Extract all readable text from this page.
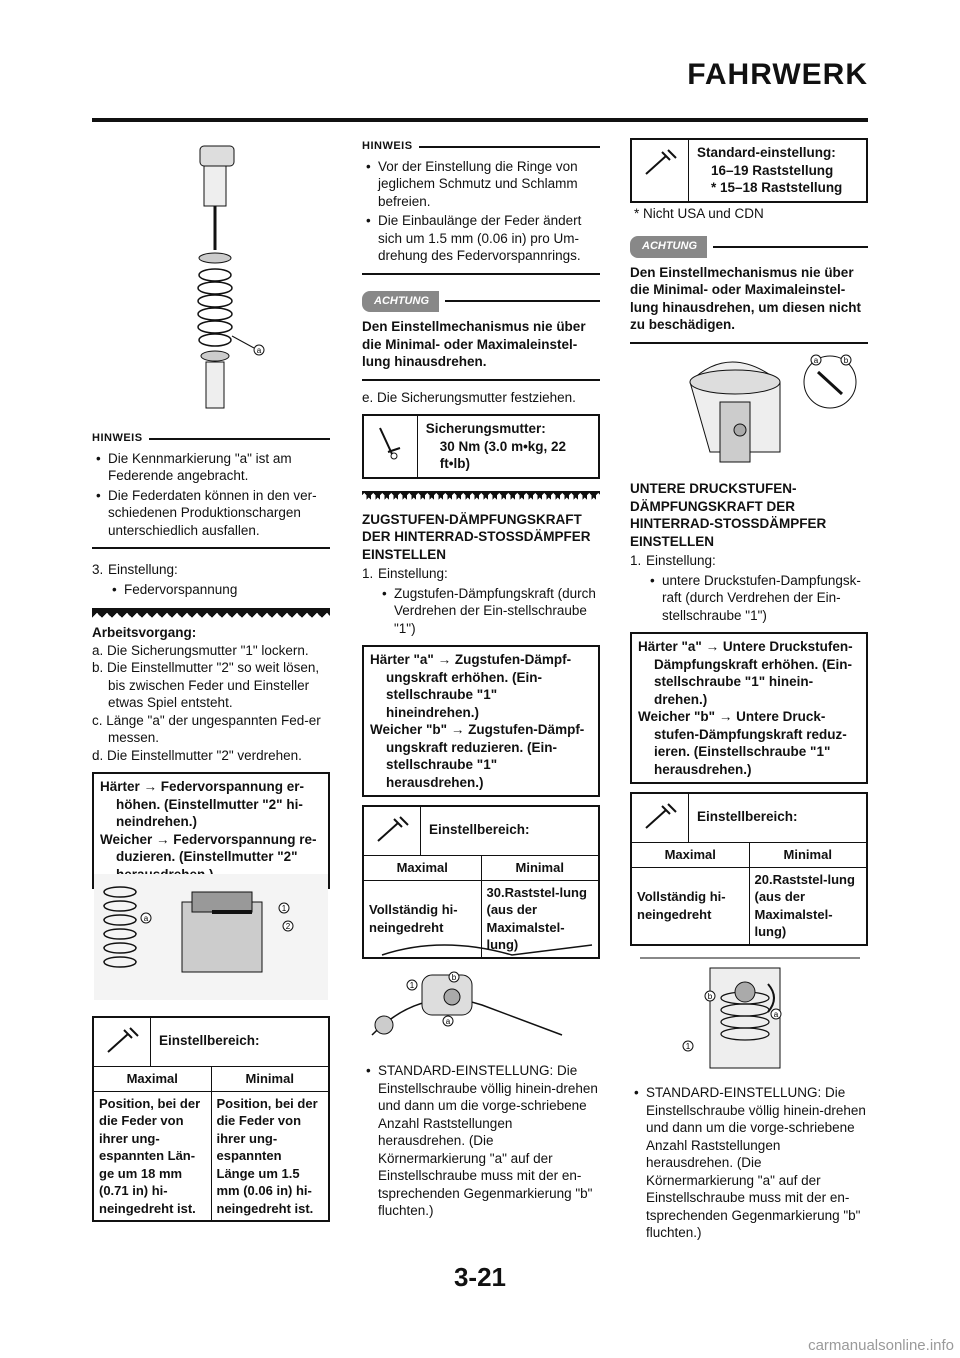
FAHRWERK
a
HINWEIS
• Die Kennmarkierung "a" ist am Federende angebracht.
• Die Federdaten können in den ver-schiedenen Produktionschargen unterschiedlich ausfallen.
3. Einstellung:
• Federvorspannung
Arbeitsvorgang:
a. Die Sicherungsmutter "1" lockern.
b. Die Einstellmutter "2" so weit lösen, bis zwischen Feder und Einsteller etwas Spiel entsteht.
c. Länge "a" der ungespannten Fed-er messen.
d. Die Einstellmutter "2" verdrehen.
Härter → Federvorspannung er-höhen. (Einstellmutter "2" hi-neindrehen.)
Weicher → Federvorspannung re-duzieren. (Einstellmutter "2"
a
1
2
Einstellbereich:
Maximal	Minimal
Position, bei der die Feder von ihrer ung-espannten Län-ge um 18 mm (0.71 in) hi-neingedreht ist.	Position, bei der die Feder von ihrer ung-espannten Länge um 1.5 mm (0.06 in) hi-neingedreht ist.
HINWEIS
• Vor der Einstellung die Ringe von jeglichem Schmutz und Schlamm befreien.
• Die Einbaulänge der Feder ändert sich um 1.5 mm (0.06 in) pro Um-drehung des Federvorspannrings.
ACHTUNG
Den Einstellmechanismus nie über die Minimal- oder Maximaleinstel-lung hinausdrehen.
e. Die Sicherungsmutter festziehen.
Sicherungsmutter:
30 Nm (3.0 m•kg, 22 ft•lb)
ZUGSTUFEN-DÄMPFUNGSKRAFT DER HINTERRAD-STOSSDÄMPFER EINSTELLEN
1. Einstellung:
• Zugstufen-Dämpfungskraft (durch Verdrehen der Ein-stellschraube "1")
Härter "a" → Zugstufen-Dämpf-ungskraft erhöhen. (Ein-stellschraube "1" hineindrehen.)
Weicher "b" → Zugstufen-Dämpf-ungskraft reduzieren. (Ein-stellschraube "1" herausdrehen.)
Einstellbereich:
Maximal	Minimal
Vollständig hi-neingedreht	30.Raststel-lung (aus der Maximalstel-lung)
1
b
a
• STANDARD-EINSTELLUNG: Die Einstellschraube völlig hinein-drehen und dann um die vorge-schriebene Anzahl Raststellungen herausdrehen. (Die Körnermarkierung "a" auf der Einstellschraube muss mit der en-tsprechenden Gegenmarkierung "b" fluchten.)
Standard-einstellung:
16–19 Raststellung
* 15–18 Raststellung
* Nicht USA und CDN
ACHTUNG
Den Einstellmechanismus nie über die Minimal- oder Maximaleinstel-lung hinausdrehen, um diesen nicht zu beschädigen.
a	b
UNTERE DRUCKSTUFEN-DÄMPFUNGSKRAFT DER HINTERRAD-STOSSDÄMPFER EINSTELLEN
1. Einstellung:
• untere Druckstufen-Dampfungsk-raft (durch Verdrehen der Ein-stellschraube "1")
Härter "a" → Untere Druckstufen-Dämpfungskraft erhöhen. (Ein-stellschraube "1" hinein-drehen.)
Weicher "b" → Untere Druck-stufen-Dämpfungskraft reduz-ieren. (Einstellschraube "1" herausdrehen.)
Einstellbereich:
Maximal	Minimal
Vollständig hi-neingedreht	20.Raststel-lung (aus der Maximalstel-lung)
b
a
1
• STANDARD-EINSTELLUNG: Die Einstellschraube völlig hinein-drehen und dann um die vorge-schriebene Anzahl Raststellungen herausdrehen. (Die Körnermarkierung "a" auf der Einstellschraube muss mit der en-tsprechenden Gegenmarkierung "b" fluchten.)
3-21
carmanualsonline.info
